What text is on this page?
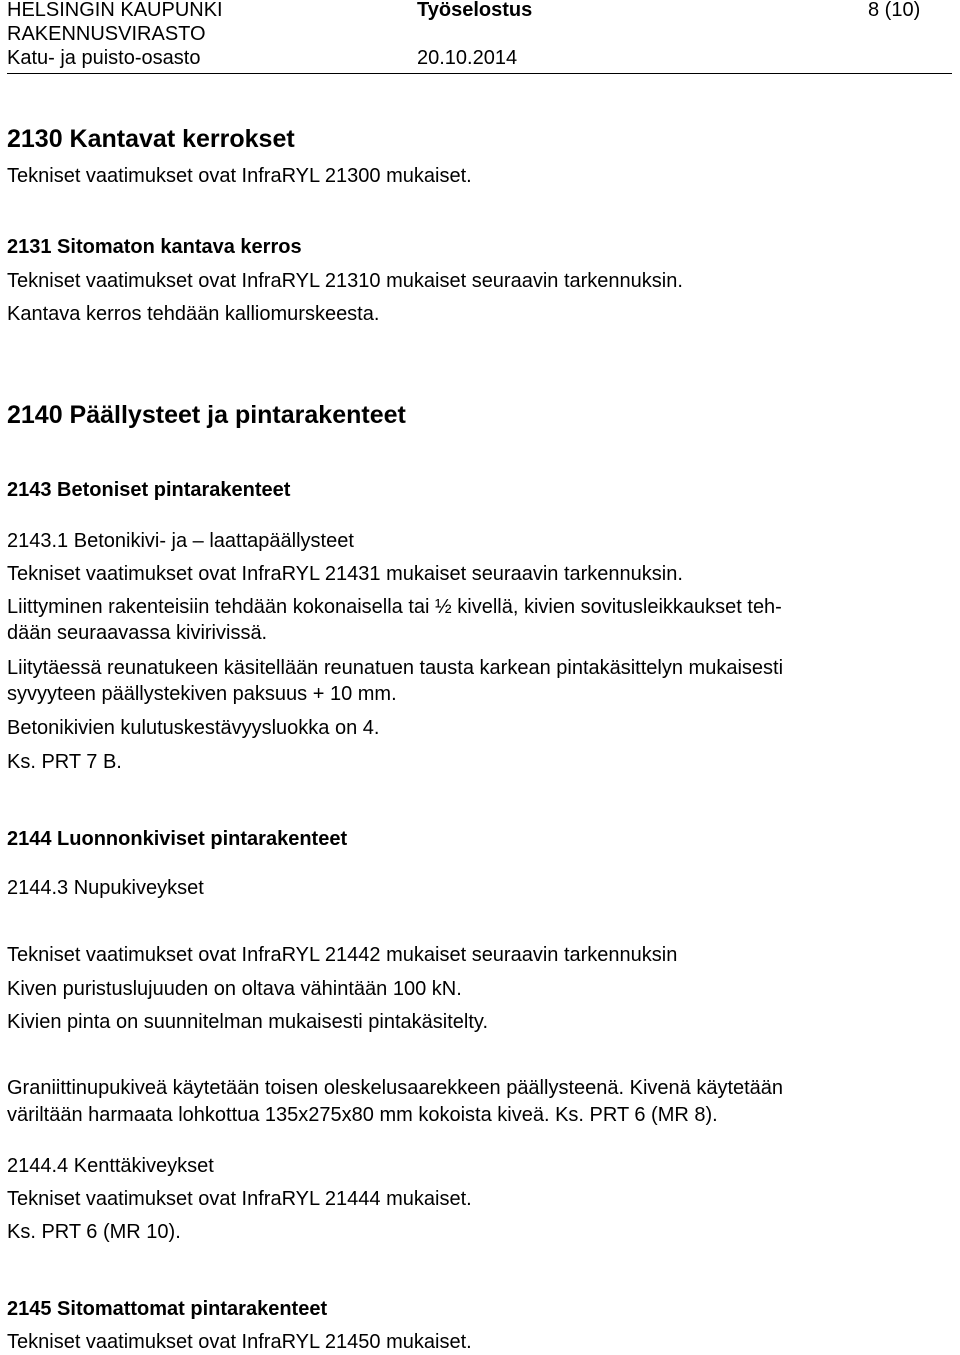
HELSINGIN KAUPUNKI
RAKENNUSVIRASTO
Katu- ja puisto-osasto
Työselostus
20.10.2014
8 (10)
2130 Kantavat kerrokset
Tekniset vaatimukset ovat InfraRYL 21300 mukaiset.
2131 Sitomaton kantava kerros
Tekniset vaatimukset ovat InfraRYL 21310 mukaiset seuraavin tarkennuksin.
Kantava kerros tehdään kalliomurskeesta.
2140 Päällysteet ja pintarakenteet
2143 Betoniset pintarakenteet
2143.1 Betonikivi- ja – laattapäällysteet
Tekniset vaatimukset ovat InfraRYL 21431 mukaiset seuraavin tarkennuksin.
Liittyminen rakenteisiin tehdään kokonaisella tai ½ kivellä, kivien sovitusleikkaukset teh-
dään seuraavassa kivirivissä.
Liitytäessä reunatukeen käsitellään reunatuen tausta karkean pintakäsittelyn mukaisesti
syvyyteen päällystekiven paksuus + 10 mm.
Betonikivien kulutuskestävyysluokka on 4.
Ks. PRT 7 B.
2144 Luonnonkiviset pintarakenteet
2144.3 Nupukiveykset
Tekniset vaatimukset ovat InfraRYL 21442 mukaiset seuraavin tarkennuksin
Kiven puristuslujuuden on oltava vähintään 100 kN.
Kivien pinta on suunnitelman mukaisesti pintakäsitelty.
Graniittinupukiveä käytetään toisen oleskelusaarekkeen päällysteenä. Kivenä käytetään
väriltään harmaata lohkottua 135x275x80 mm kokoista kiveä. Ks. PRT 6 (MR 8).
2144.4 Kenttäkiveykset
Tekniset vaatimukset ovat InfraRYL 21444 mukaiset.
Ks. PRT 6 (MR 10).
2145 Sitomattomat pintarakenteet
Tekniset vaatimukset ovat InfraRYL 21450 mukaiset.
